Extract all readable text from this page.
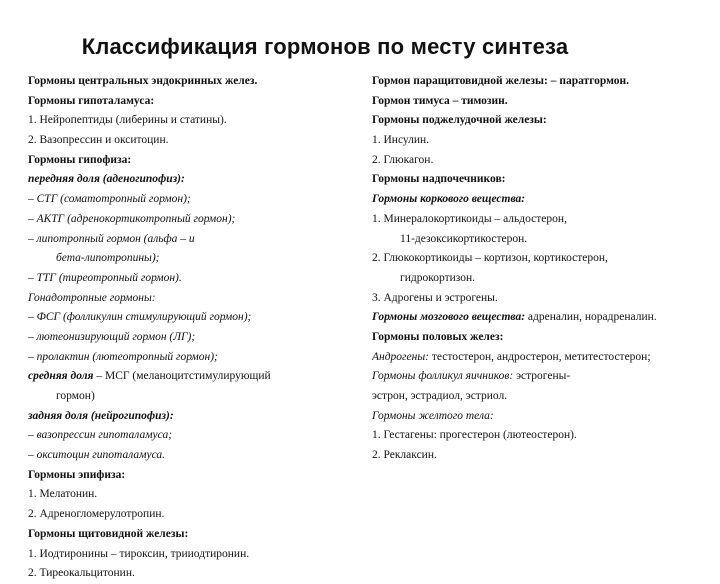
Классификация гормонов по месту синтеза
Гормоны центральных эндокринных желез.
Гормоны гипоталамуса:
1. Нейропептиды (либерины и статины).
2. Вазопрессин и окситоцин.
Гормоны гипофиза:
передняя доля (аденогипофиз):
– СТГ (соматотропный гормон);
– АКТГ (адренокортикотропный гормон);
– липотропный гормон (альфа – и
бета-липотропины);
– ТТГ (тиреотропный гормон).
Гонадотропные гормоны:
– ФСГ (фолликулин стимулирующий гормон);
– лютеонизирующий гормон (ЛГ);
– пролактин (лютеотропный гормон);
средняя доля – МСГ (меланоцитстимулирующий
гормон)
задняя доля (нейрогипофиз):
– вазопрессин гипоталамуса;
– окситоцин гипоталамуса.
Гормоны эпифиза:
1. Мелатонин.
2. Адреногломерулотропин.
Гормоны щитовидной железы:
1. Иодтиронины – тироксин, трииодтиронин.
2. Тиреокальцитонин.
Гормон паращитовидной железы: – паратгормон.
Гормон тимуса – тимозин.
Гормоны поджелудочной железы:
1. Инсулин.
2. Глюкагон.
Гормоны надпочечников:
Гормоны коркового вещества:
1. Минералокортикоиды – альдостерон,
11-дезоксикортикостерон.
2. Глюкокортикоиды – кортизон, кортикостерон,
гидрокортизон.
3. Адрогены и эстрогены.
Гормоны мозгового вещества: адреналин, норадреналин.
Гормоны половых желез:
Андрогены: тестостерон, андростерон, метитестостерон;
Гормоны фолликул яичников: эстрогены-
эстрон, эстрадиол, эстриол.
Гормоны желтого тела:
1. Гестагены: прогестерон (лютеостерон).
2. Реклаксин.
